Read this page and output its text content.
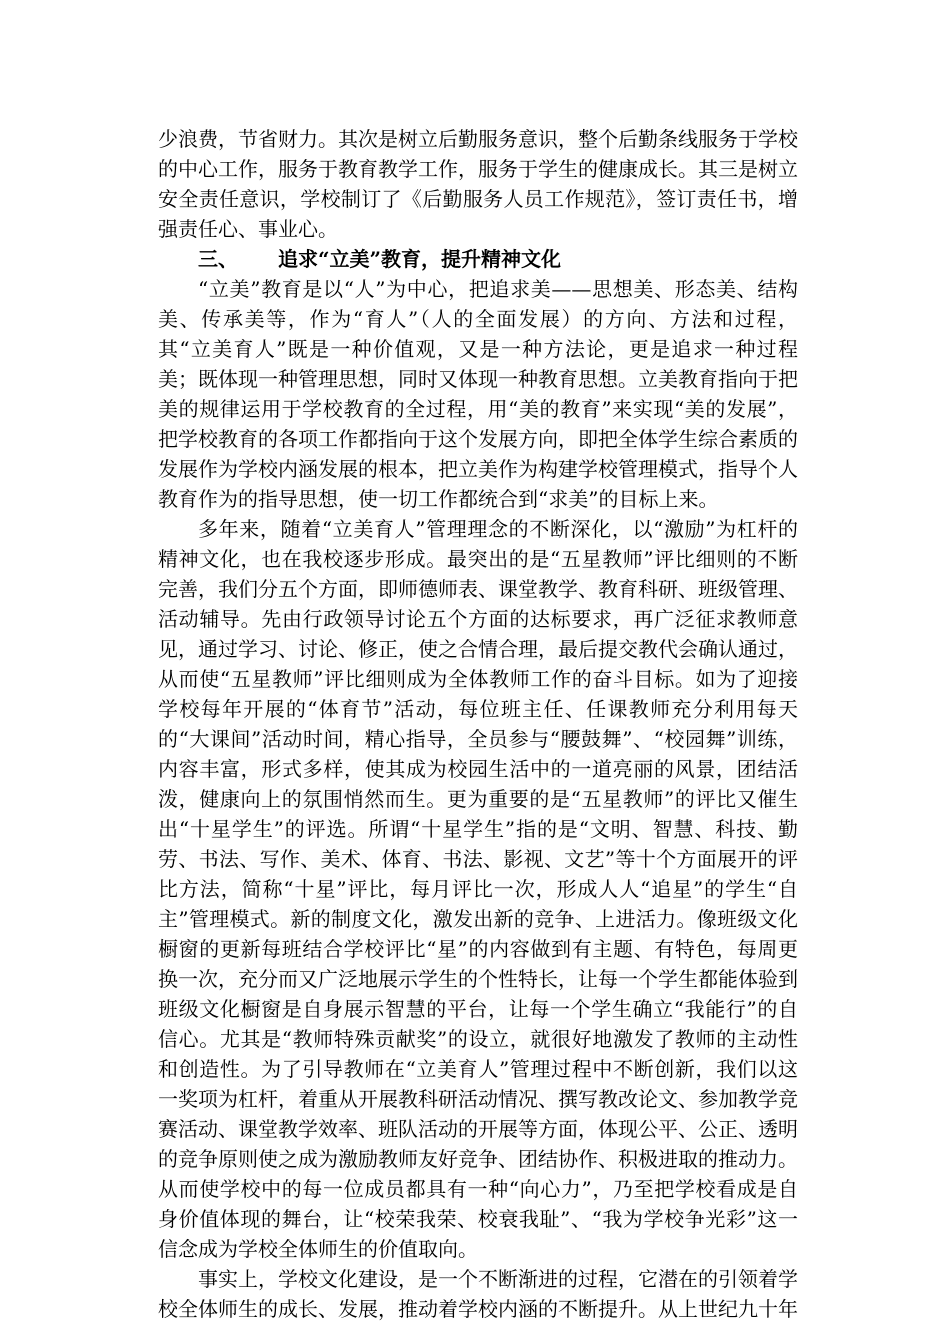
少浪费，节省财力。其次是树立后勤服务意识，整个后勤条线服务于学校的中心工作，服务于教育教学工作，服务于学生的健康成长。其三是树立安全责任意识，学校制订了《后勤服务人员工作规范》，签订责任书，增强责任心、事业心。

三、 追求“立美”教育，提升精神文化

“立美”教育是以“人”为中心，把追求美——思想美、形态美、结构美、传承美等，作为“育人”（人的全面发展）的方向、方法和过程，其“立美育人”既是一种价值观，又是一种方法论，更是追求一种过程美；既体现一种管理思想，同时又体现一种教育思想。立美教育指向于把美的规律运用于学校教育的全过程，用“美的教育”来实现“美的发展”，把学校教育的各项工作都指向于这个发展方向，即把全体学生综合素质的发展作为学校内涵发展的根本，把立美作为构建学校管理模式，指导个人教育作为的指导思想，使一切工作都统合到“求美”的目标上来。

多年来，随着“立美育人”管理理念的不断深化，以“激励”为杠杆的精神文化，也在我校逐步形成。最突出的是“五星教师”评比细则的不断完善，我们分五个方面，即师德师表、课堂教学、教育科研、班级管理、活动辅导。先由行政领导讨论五个方面的达标要求，再广泛征求教师意见，通过学习、讨论、修正，使之合情合理，最后提交教代会确认通过，从而使“五星教师”评比细则成为全体教师工作的奋斗目标。如为了迎接学校每年开展的“体育节”活动，每位班主任、任课教师充分利用每天的“大课间”活动时间，精心指导，全员参与“腰鼓舞”、“校园舞”训练，内容丰富，形式多样，使其成为校园生活中的一道亮丽的风景，团结活泼，健康向上的氛围悄然而生。更为重要的是“五星教师”的评比又催生出“十星学生”的评选。所谓“十星学生”指的是“文明、智慧、科技、勤劳、书法、写作、美术、体育、书法、影视、文艺”等十个方面展开的评比方法，简称“十星”评比，每月评比一次，形成人人“追星”的学生“自主”管理模式。新的制度文化，激发出新的竞争、上进活力。像班级文化橱窗的更新每班结合学校评比“星”的内容做到有主题、有特色，每周更换一次，充分而又广泛地展示学生的个性特长，让每一个学生都能体验到班级文化橱窗是自身展示智慧的平台，让每一个学生确立“我能行”的自信心。尤其是“教师特殊贡献奖”的设立，就很好地激发了教师的主动性和创造性。为了引导教师在“立美育人”管理过程中不断创新，我们以这一奖项为杠杆，着重从开展教科研活动情况、撰写教改论文、参加教学竞赛活动、课堂教学效率、班队活动的开展等方面，体现公平、公正、透明的竞争原则使之成为激励教师友好竞争、团结协作、积极进取的推动力。从而使学校中的每一位成员都具有一种“向心力”，乃至把学校看成是自身价值体现的舞台，让“校荣我荣、校衰我耻”、“我为学校争光彩”这一信念成为学校全体师生的价值取向。

事实上，学校文化建设，是一个不断渐进的过程，它潜在的引领着学校全体师生的成长、发展，推动着学校内涵的不断提升。从上世纪九十年
